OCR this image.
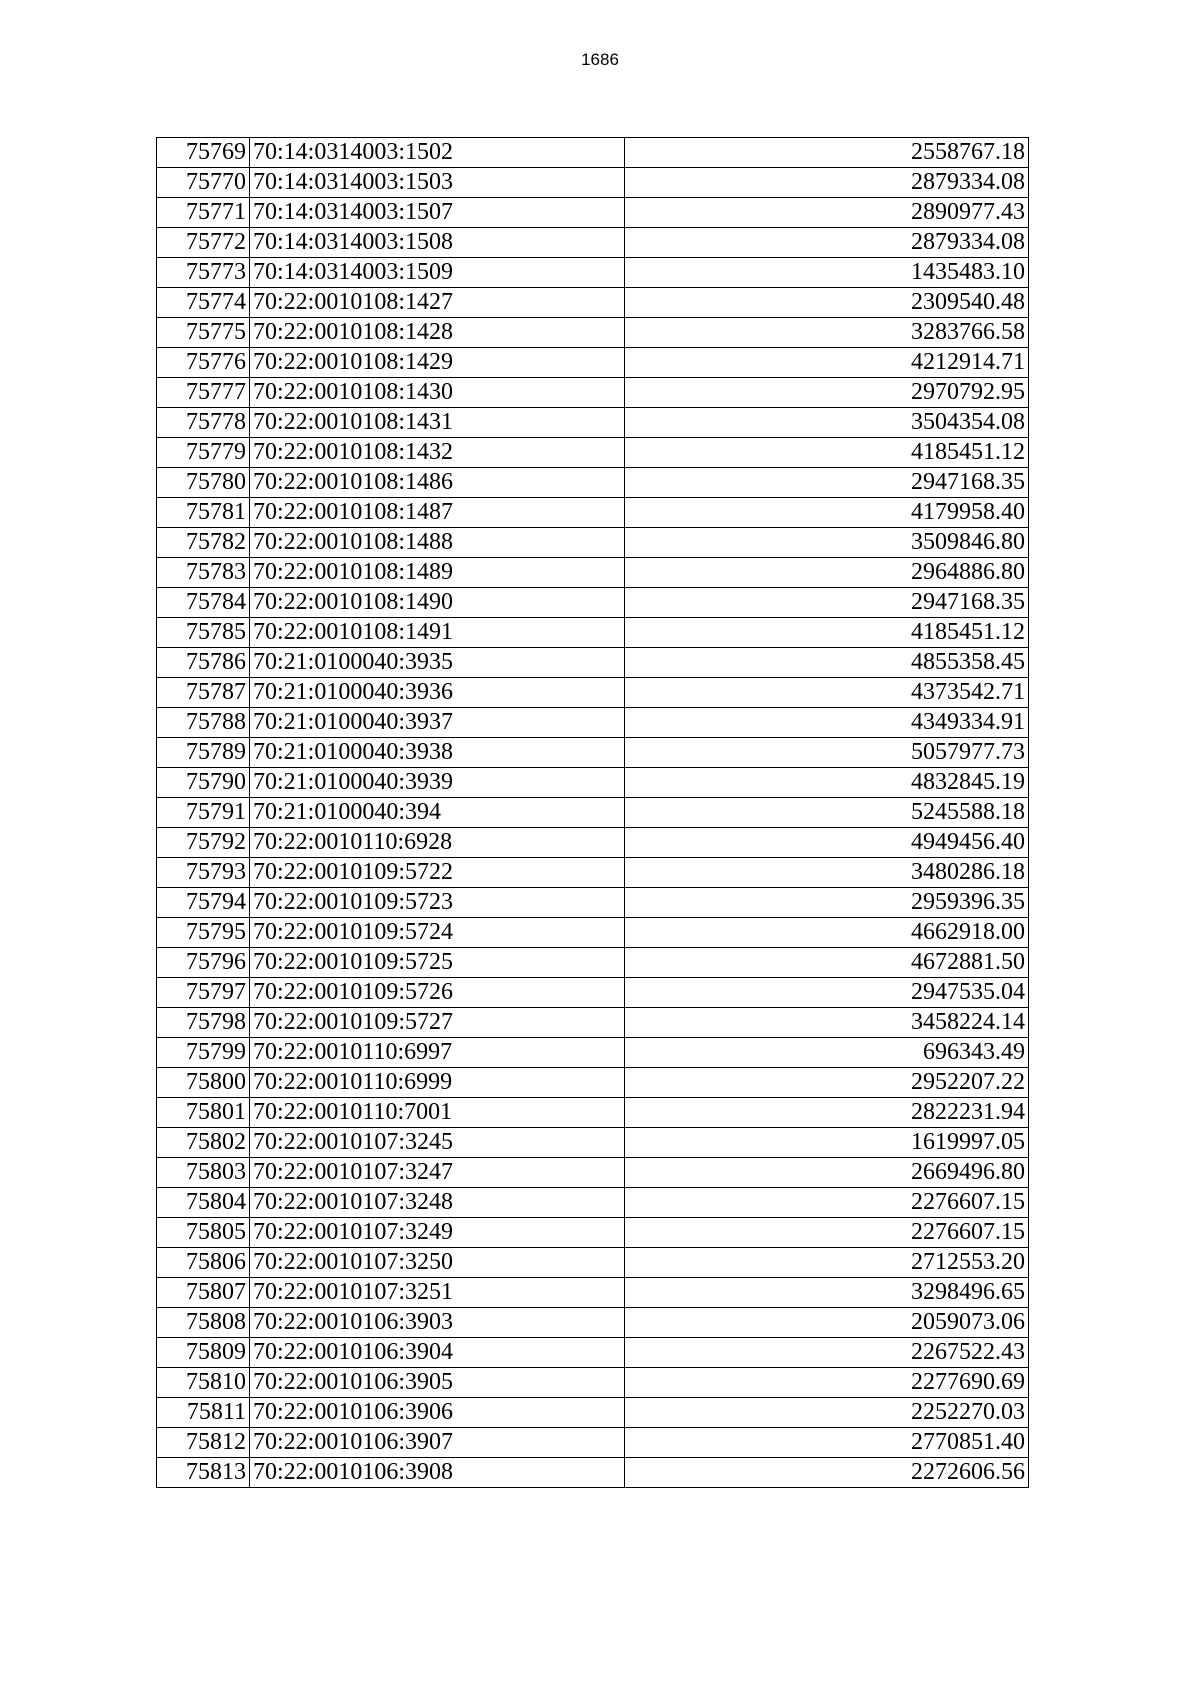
1686
75769	70:14:0314003:1502	2558767.18
75770	70:14:0314003:1503	2879334.08
75771	70:14:0314003:1507	2890977.43
75772	70:14:0314003:1508	2879334.08
75773	70:14:0314003:1509	1435483.10
75774	70:22:0010108:1427	2309540.48
75775	70:22:0010108:1428	3283766.58
75776	70:22:0010108:1429	4212914.71
75777	70:22:0010108:1430	2970792.95
75778	70:22:0010108:1431	3504354.08
75779	70:22:0010108:1432	4185451.12
75780	70:22:0010108:1486	2947168.35
75781	70:22:0010108:1487	4179958.40
75782	70:22:0010108:1488	3509846.80
75783	70:22:0010108:1489	2964886.80
75784	70:22:0010108:1490	2947168.35
75785	70:22:0010108:1491	4185451.12
75786	70:21:0100040:3935	4855358.45
75787	70:21:0100040:3936	4373542.71
75788	70:21:0100040:3937	4349334.91
75789	70:21:0100040:3938	5057977.73
75790	70:21:0100040:3939	4832845.19
75791	70:21:0100040:394	5245588.18
75792	70:22:0010110:6928	4949456.40
75793	70:22:0010109:5722	3480286.18
75794	70:22:0010109:5723	2959396.35
75795	70:22:0010109:5724	4662918.00
75796	70:22:0010109:5725	4672881.50
75797	70:22:0010109:5726	2947535.04
75798	70:22:0010109:5727	3458224.14
75799	70:22:0010110:6997	696343.49
75800	70:22:0010110:6999	2952207.22
75801	70:22:0010110:7001	2822231.94
75802	70:22:0010107:3245	1619997.05
75803	70:22:0010107:3247	2669496.80
75804	70:22:0010107:3248	2276607.15
75805	70:22:0010107:3249	2276607.15
75806	70:22:0010107:3250	2712553.20
75807	70:22:0010107:3251	3298496.65
75808	70:22:0010106:3903	2059073.06
75809	70:22:0010106:3904	2267522.43
75810	70:22:0010106:3905	2277690.69
75811	70:22:0010106:3906	2252270.03
75812	70:22:0010106:3907	2770851.40
75813	70:22:0010106:3908	2272606.56
